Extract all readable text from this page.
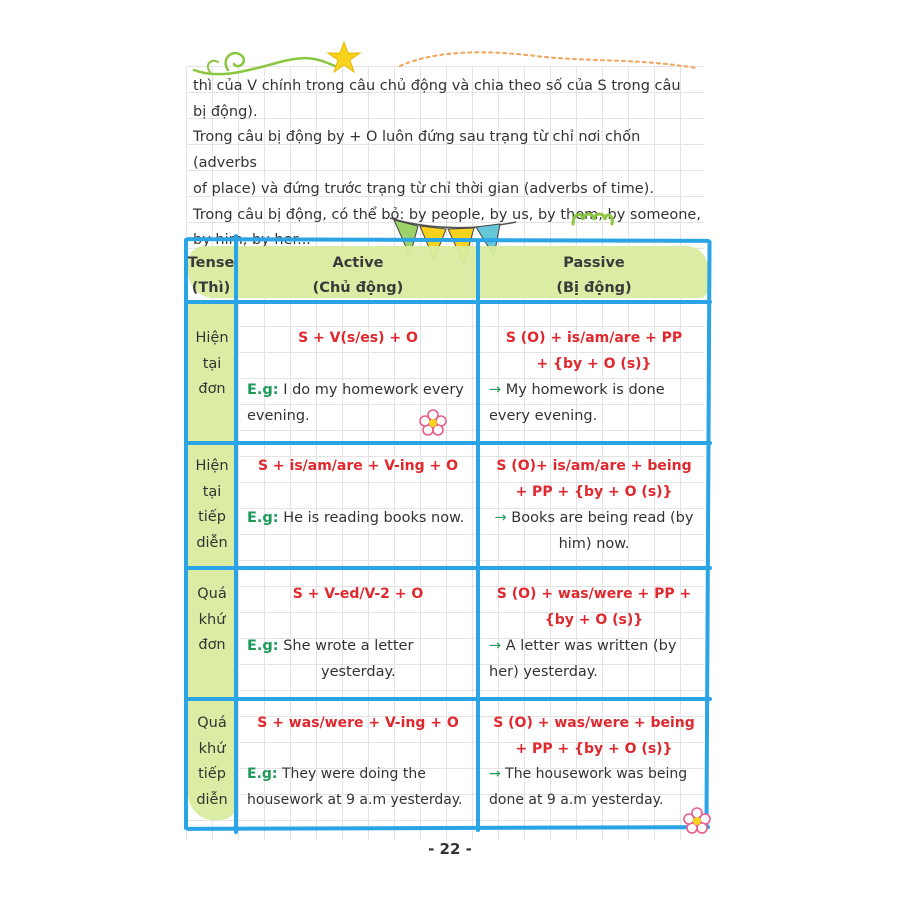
thì của V chính trong câu chủ động và chia theo số của S trong câu

bị động).

Trong câu bị động by + O luôn đứng sau trạng từ chỉ nơi chốn (adverbs

of place) và đứng trước trạng từ chỉ thời gian (adverbs of time).

Trong câu bị động, có thể bỏ: by people, by us, by them, by someone,

Tense
(Thì)
Active
(Chủ động)
Passive
(Bị động)
Hiện
tại
đơn
S + V(s/es) + O
E.g: I do my homework every
evening.
S (O) + is/am/are + PP
+ {by + O (s)}
→ My homework is done
every evening.
Hiện
tại
tiếp
diễn
S + is/am/are + V-ing + O
E.g: He is reading books now.
S (O)+ is/am/are + being
+ PP + {by + O (s)}
→ Books are being read (by
him) now.
Quá
khứ
đơn
S + V-ed/V-2 + O
E.g: She wrote a letter
yesterday.
S (O) + was/were + PP +
{by + O (s)}
→ A letter was written (by
her) yesterday.
Quá
khứ
tiếp
diễn
S + was/were + V-ing + O
E.g: They were doing the
housework at 9 a.m yesterday.
S (O) + was/were + being
+ PP + {by + O (s)}
→ The housework was being
done at 9 a.m yesterday.
- 22 -
